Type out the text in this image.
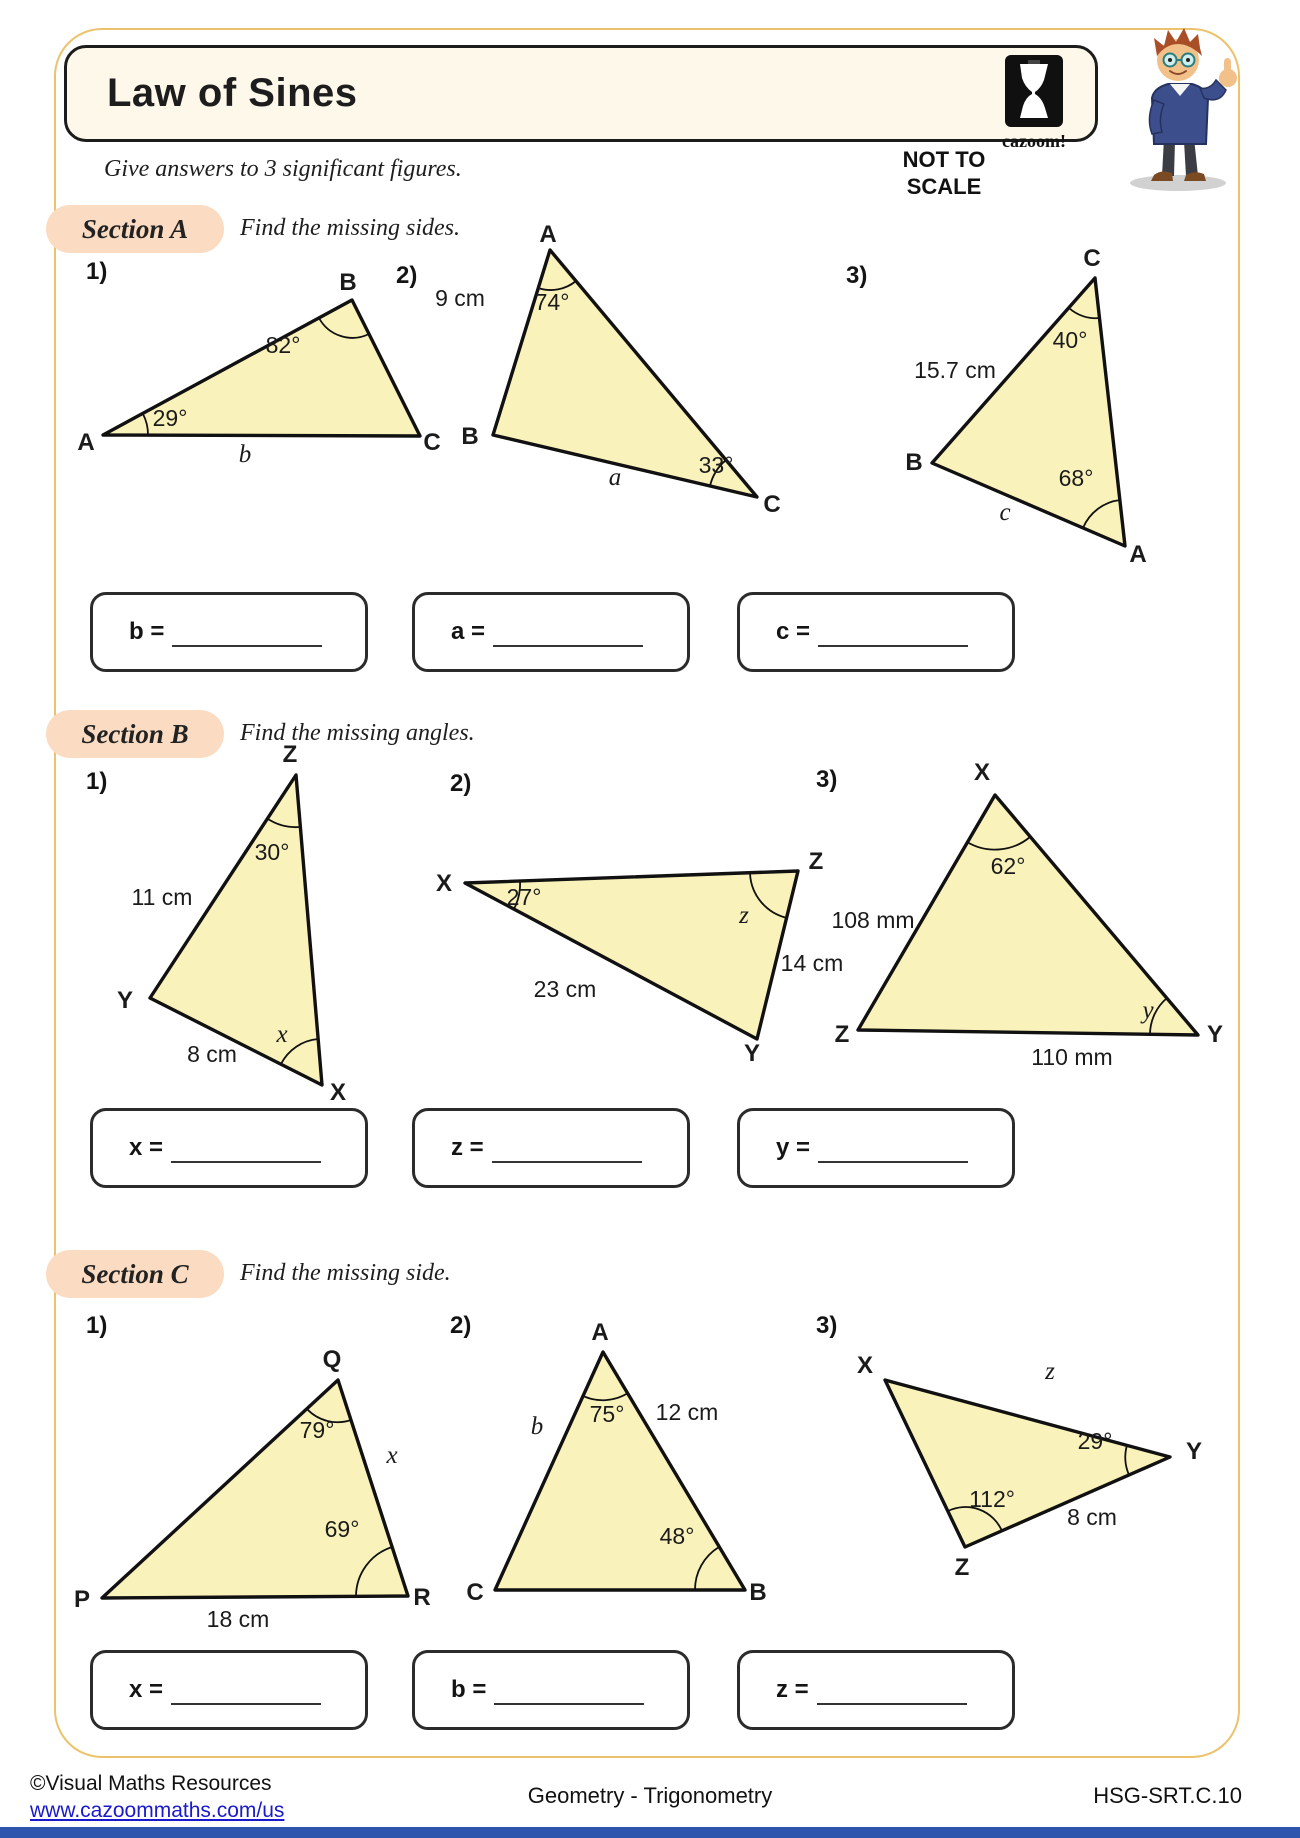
Law of Sines
cazoom!
Give answers to 3 significant figures.	NOT TO
SCALE
Section A	Find the missing sides.
1)
A
B
C
82°
29°
b
2)
A
B
C
74°
33°
9 cm
a
3)
C
B
A
40°
68°
15.7 cm
c
b =	a =	c =
Section B	Find the missing angles.
1)
Z
Y
X
30°
x
11 cm
8 cm
2)
X
Z
Y
27°
z
14 cm
23 cm
3)	X
Z	Y
62°
y
108 mm
110 mm
x =	z =	y =
Section C	Find the missing side.
1)
Q
P	R
79°
69°
x
18 cm
2)	A
C	B
75°
48°
b
12 cm
3)
X
Z
Y
112°
29°
z
8 cm
x =	b =	z =
©Visual Maths Resources
www.cazoommaths.com/us
Geometry - Trigonometry	HSG-SRT.C.10
